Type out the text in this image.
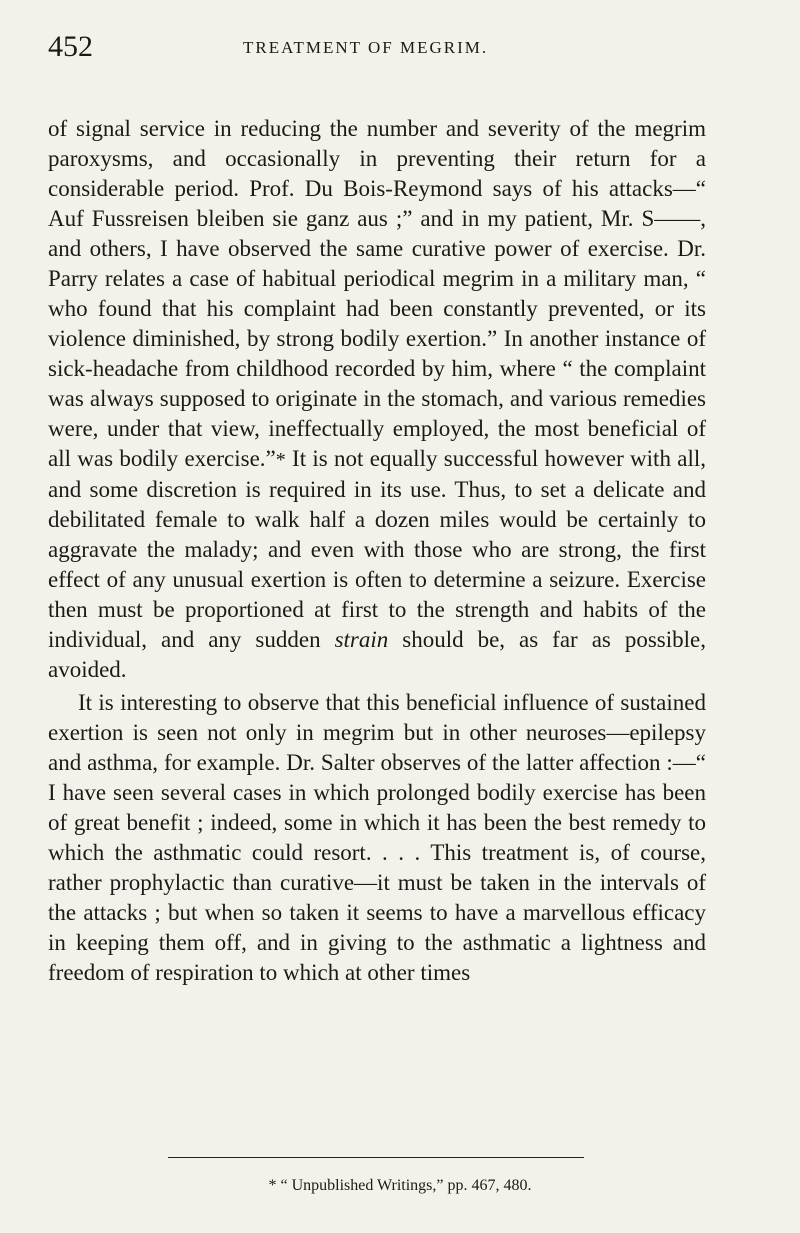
452	TREATMENT OF MEGRIM.

of signal service in reducing the number and severity of the megrim paroxysms, and occasionally in preventing their return for a considerable period. Prof. Du Bois-Reymond says of his attacks—“ Auf Fussreisen bleiben sie ganz aus ;” and in my patient, Mr. S——, and others, I have observed the same curative power of exercise. Dr. Parry relates a case of habitual periodical megrim in a military man, “ who found that his complaint had been constantly prevented, or its violence diminished, by strong bodily exertion.” In another instance of sick-headache from childhood recorded by him, where “ the complaint was always supposed to originate in the stomach, and various remedies were, under that view, ineffectually employed, the most beneficial of all was bodily exercise.”* It is not equally successful however with all, and some discretion is required in its use. Thus, to set a delicate and debilitated female to walk half a dozen miles would be certainly to aggravate the malady; and even with those who are strong, the first effect of any unusual exertion is often to determine a seizure. Exercise then must be proportioned at first to the strength and habits of the individual, and any sudden strain should be, as far as possible, avoided.

It is interesting to observe that this beneficial influence of sustained exertion is seen not only in megrim but in other neuroses—epilepsy and asthma, for example. Dr. Salter observes of the latter affection :—“ I have seen several cases in which prolonged bodily exercise has been of great benefit ; indeed, some in which it has been the best remedy to which the asthmatic could resort. . . . This treatment is, of course, rather prophylactic than curative—it must be taken in the intervals of the attacks ; but when so taken it seems to have a marvellous efficacy in keeping them off, and in giving to the asthmatic a lightness and freedom of respiration to which at other times

* “ Unpublished Writings,” pp. 467, 480.
